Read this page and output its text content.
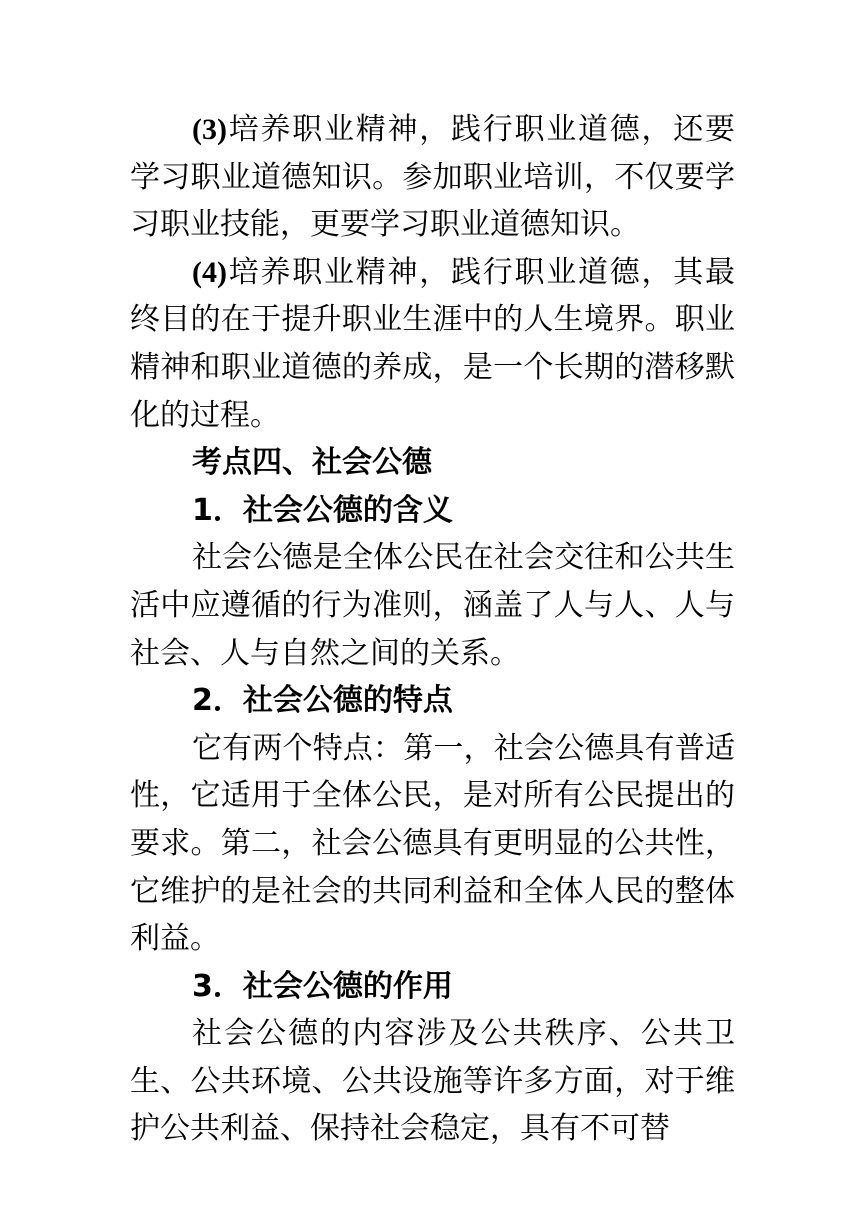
(3)培养职业精神，践行职业道德，还要学习职业道德知识。参加职业培训，不仅要学习职业技能，更要学习职业道德知识。

(4)培养职业精神，践行职业道德，其最终目的在于提升职业生涯中的人生境界。职业精神和职业道德的养成，是一个长期的潜移默化的过程。

考点四、社会公德

1．社会公德的含义

社会公德是全体公民在社会交往和公共生活中应遵循的行为准则，涵盖了人与人、人与社会、人与自然之间的关系。

2．社会公德的特点

它有两个特点：第一，社会公德具有普适性，它适用于全体公民，是对所有公民提出的要求。第二，社会公德具有更明显的公共性，它维护的是社会的共同利益和全体人民的整体利益。

3．社会公德的作用

社会公德的内容涉及公共秩序、公共卫生、公共环境、公共设施等许多方面，对于维护公共利益、保持社会稳定，具有不可替
